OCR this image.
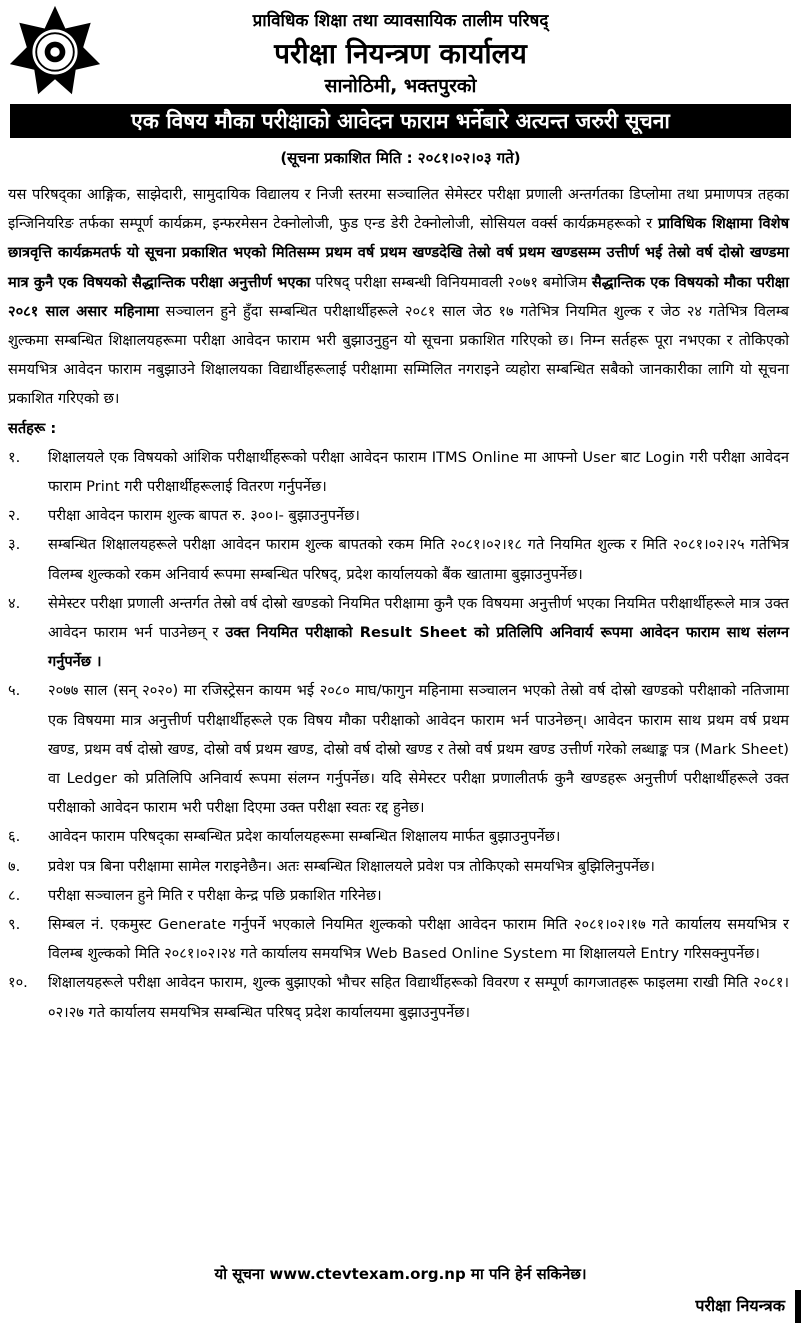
प्राविधिक शिक्षा तथा व्यावसायिक तालीम परिषद्
परीक्षा नियन्त्रण कार्यालय
सानोठिमी, भक्तपुरको
एक विषय मौका परीक्षाको आवेदन फाराम भर्नेबारे अत्यन्त जरुरी सूचना
(सूचना प्रकाशित मिति : २०८१।०२।०३ गते)

यस परिषद्का आङ्गिक, साझेदारी, सामुदायिक विद्यालय र निजी स्तरमा सञ्चालित सेमेस्टर परीक्षा प्रणाली अन्तर्गतका डिप्लोमा तथा प्रमाणपत्र तहका इन्जिनियरिङ तर्फका सम्पूर्ण कार्यक्रम, इन्फरमेसन टेक्नोलोजी, फुड एन्ड डेरी टेक्नोलोजी, सोसियल वर्क्स कार्यक्रमहरूको र प्राविधिक शिक्षामा विशेष छात्रवृत्ति कार्यक्रमतर्फ यो सूचना प्रकाशित भएको मितिसम्म प्रथम वर्ष प्रथम खण्डदेखि तेस्रो वर्ष प्रथम खण्डसम्म उत्तीर्ण भई तेस्रो वर्ष दोस्रो खण्डमा मात्र कुनै एक विषयको सैद्धान्तिक परीक्षा अनुत्तीर्ण भएका परिषद् परीक्षा सम्बन्धी विनियमावली २०७१ बमोजिम सैद्धान्तिक एक विषयको मौका परीक्षा २०८१ साल असार महिनामा सञ्चालन हुने हुँदा सम्बन्धित परीक्षार्थीहरूले २०८१ साल जेठ १७ गतेभित्र नियमित शुल्क र जेठ २४ गतेभित्र विलम्ब शुल्कमा सम्बन्धित शिक्षालयहरूमा परीक्षा आवेदन फाराम भरी बुझाउनुहुन यो सूचना प्रकाशित गरिएको छ। निम्न सर्तहरू पूरा नभएका र तोकिएको समयभित्र आवेदन फाराम नबुझाउने शिक्षालयका विद्यार्थीहरूलाई परीक्षामा सम्मिलित नगराइने व्यहोरा सम्बन्धित सबैको जानकारीका लागि यो सूचना प्रकाशित गरिएको छ।

सर्तहरू :

१.	शिक्षालयले एक विषयको आंशिक परीक्षार्थीहरूको परीक्षा आवेदन फाराम ITMS Online मा आफ्नो User बाट Login गरी परीक्षा आवेदन फाराम Print गरी परीक्षार्थीहरूलाई वितरण गर्नुपर्नेछ।
२.	परीक्षा आवेदन फाराम शुल्क बापत रु. ३००।- बुझाउनुपर्नेछ।
३.	सम्बन्धित शिक्षालयहरूले परीक्षा आवेदन फाराम शुल्क बापतको रकम मिति २०८१।०२।१८ गते नियमित शुल्क र मिति २०८१।०२।२५ गतेभित्र विलम्ब शुल्कको रकम अनिवार्य रूपमा सम्बन्धित परिषद्, प्रदेश कार्यालयको बैंक खातामा बुझाउनुपर्नेछ।
४.	सेमेस्टर परीक्षा प्रणाली अन्तर्गत तेस्रो वर्ष दोस्रो खण्डको नियमित परीक्षामा कुनै एक विषयमा अनुत्तीर्ण भएका नियमित परीक्षार्थीहरूले मात्र उक्त आवेदन फाराम भर्न पाउनेछन् र उक्त नियमित परीक्षाको Result Sheet को प्रतिलिपि अनिवार्य रूपमा आवेदन फाराम साथ संलग्न गर्नुपर्नेछ ।
५.	२०७७ साल (सन् २०२०) मा रजिस्ट्रेसन कायम भई २०८० माघ/फागुन महिनामा सञ्चालन भएको तेस्रो वर्ष दोस्रो खण्डको परीक्षाको नतिजामा एक विषयमा मात्र अनुत्तीर्ण परीक्षार्थीहरूले एक विषय मौका परीक्षाको आवेदन फाराम भर्न पाउनेछन्। आवेदन फाराम साथ प्रथम वर्ष प्रथम खण्ड, प्रथम वर्ष दोस्रो खण्ड, दोस्रो वर्ष प्रथम खण्ड, दोस्रो वर्ष दोस्रो खण्ड र तेस्रो वर्ष प्रथम खण्ड उत्तीर्ण गरेको लब्धाङ्क पत्र (Mark Sheet) वा Ledger को प्रतिलिपि अनिवार्य रूपमा संलग्न गर्नुपर्नेछ। यदि सेमेस्टर परीक्षा प्रणालीतर्फ कुनै खण्डहरू अनुत्तीर्ण परीक्षार्थीहरूले उक्त परीक्षाको आवेदन फाराम भरी परीक्षा दिएमा उक्त परीक्षा स्वतः रद्द हुनेछ।
६.	आवेदन फाराम परिषद्का सम्बन्धित प्रदेश कार्यालयहरूमा सम्बन्धित शिक्षालय मार्फत बुझाउनुपर्नेछ।
७.	प्रवेश पत्र बिना परीक्षामा सामेल गराइनेछैन। अतः सम्बन्धित शिक्षालयले प्रवेश पत्र तोकिएको समयभित्र बुझिलिनुपर्नेछ।
८.	परीक्षा सञ्चालन हुने मिति र परीक्षा केन्द्र पछि प्रकाशित गरिनेछ।
९.	सिम्बल नं. एकमुस्ट Generate गर्नुपर्ने भएकाले नियमित शुल्कको परीक्षा आवेदन फाराम मिति २०८१।०२।१७ गते कार्यालय समयभित्र र विलम्ब शुल्कको मिति २०८१।०२।२४ गते कार्यालय समयभित्र Web Based Online System मा शिक्षालयले Entry गरिसक्नुपर्नेछ।
१०.	शिक्षालयहरूले परीक्षा आवेदन फाराम, शुल्क बुझाएको भौचर सहित विद्यार्थीहरूको विवरण र सम्पूर्ण कागजातहरू फाइलमा राखी मिति २०८१।०२।२७ गते कार्यालय समयभित्र सम्बन्धित परिषद् प्रदेश कार्यालयमा बुझाउनुपर्नेछ।
यो सूचना www.ctevtexam.org.np मा पनि हेर्न सकिनेछ।
परीक्षा नियन्त्रक
